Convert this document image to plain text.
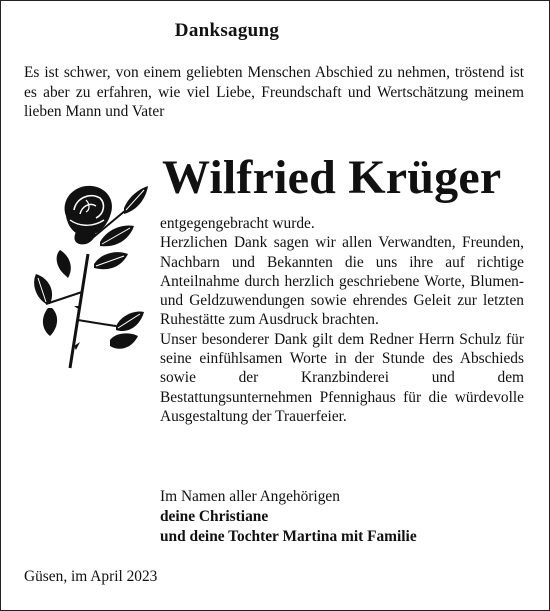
Danksagung
Es ist schwer, von einem geliebten Menschen Abschied zu nehmen, tröstend ist es aber zu erfahren, wie viel Liebe, Freundschaft und Wertschätzung meinem lieben Mann und Vater
Wilfried Krüger

entgegengebracht wurde.

Herzlichen Dank sagen wir allen Verwandten, Freunden, Nachbarn und Bekannten die uns ihre auf richtige Anteilnahme durch herzlich geschriebene Worte, Blumen- und Geldzuwendungen sowie ehrendes Geleit zur letzten Ruhestätte zum Ausdruck brachten.

Unser besonderer Dank gilt dem Redner Herrn Schulz für seine einfühlsamen Worte in der Stunde des Abschieds sowie der Kranzbinderei und dem Bestattungsunternehmen Pfennighaus für die würdevolle Ausgestaltung der Trauerfeier.

Im Namen aller Angehörigen
deine Christiane
und deine Tochter Martina mit Familie
Güsen, im April 2023
